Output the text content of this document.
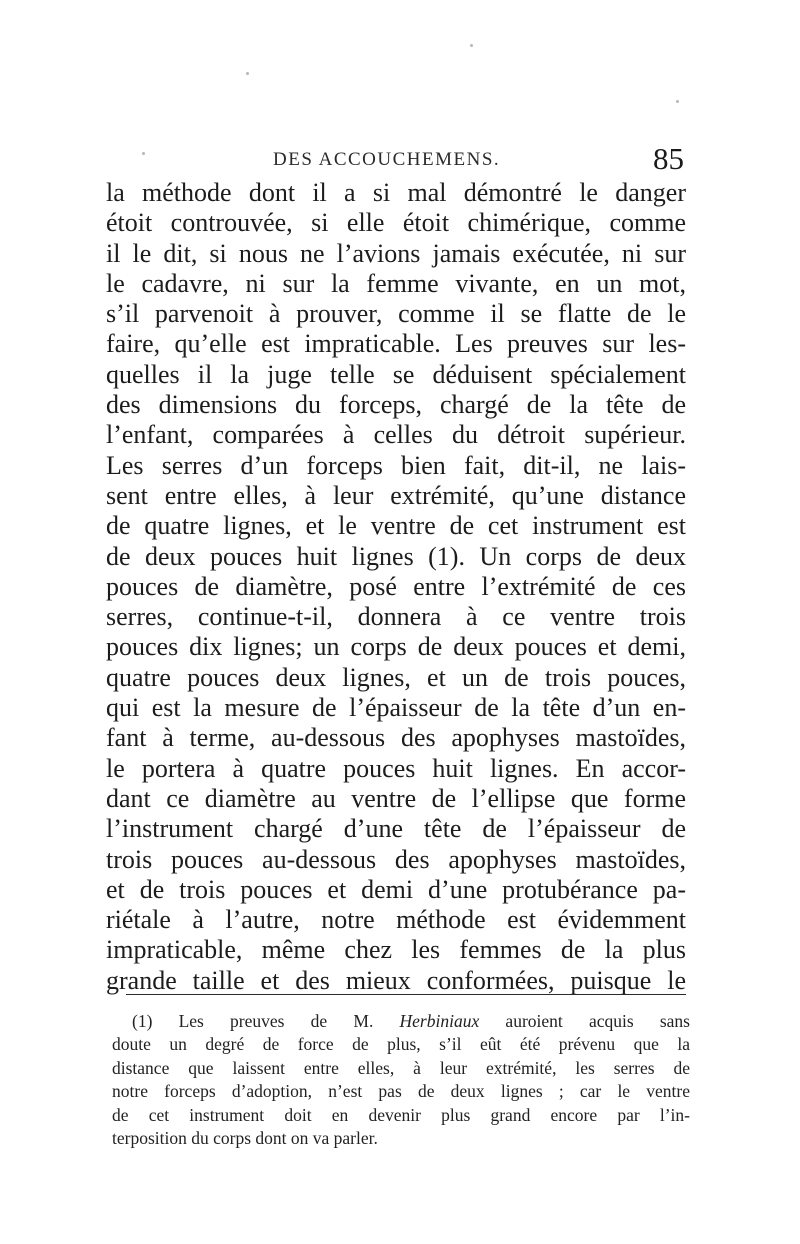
DES ACCOUCHEMENS.	85
la méthode dont il a si mal démontré le danger
étoit controuvée, si elle étoit chimérique, comme
il le dit, si nous ne l’avions jamais exécutée, ni sur
le cadavre, ni sur la femme vivante, en un mot,
s’il parvenoit à prouver, comme il se flatte de le
faire, qu’elle est impraticable. Les preuves sur les-
quelles il la juge telle se déduisent spécialement
des dimensions du forceps, chargé de la tête de
l’enfant, comparées à celles du détroit supérieur.
Les serres d’un forceps bien fait, dit-il, ne lais-
sent entre elles, à leur extrémité, qu’une distance
de quatre lignes, et le ventre de cet instrument est
de deux pouces huit lignes (1). Un corps de deux
pouces de diamètre, posé entre l’extrémité de ces
serres, continue-t-il, donnera à ce ventre trois
pouces dix lignes; un corps de deux pouces et demi,
quatre pouces deux lignes, et un de trois pouces,
qui est la mesure de l’épaisseur de la tête d’un en-
fant à terme, au-dessous des apophyses mastoïdes,
le portera à quatre pouces huit lignes. En accor-
dant ce diamètre au ventre de l’ellipse que forme
l’instrument chargé d’une tête de l’épaisseur de
trois pouces au-dessous des apophyses mastoïdes,
et de trois pouces et demi d’une protubérance pa-
riétale à l’autre, notre méthode est évidemment
impraticable, même chez les femmes de la plus
grande taille et des mieux conformées, puisque le
(1) Les preuves de M. Herbiniaux auroient acquis sans
doute un degré de force de plus, s’il eût été prévenu que la
distance que laissent entre elles, à leur extrémité, les serres de
notre forceps d’adoption, n’est pas de deux lignes ; car le ventre
de cet instrument doit en devenir plus grand encore par l’in-
terposition du corps dont on va parler.
